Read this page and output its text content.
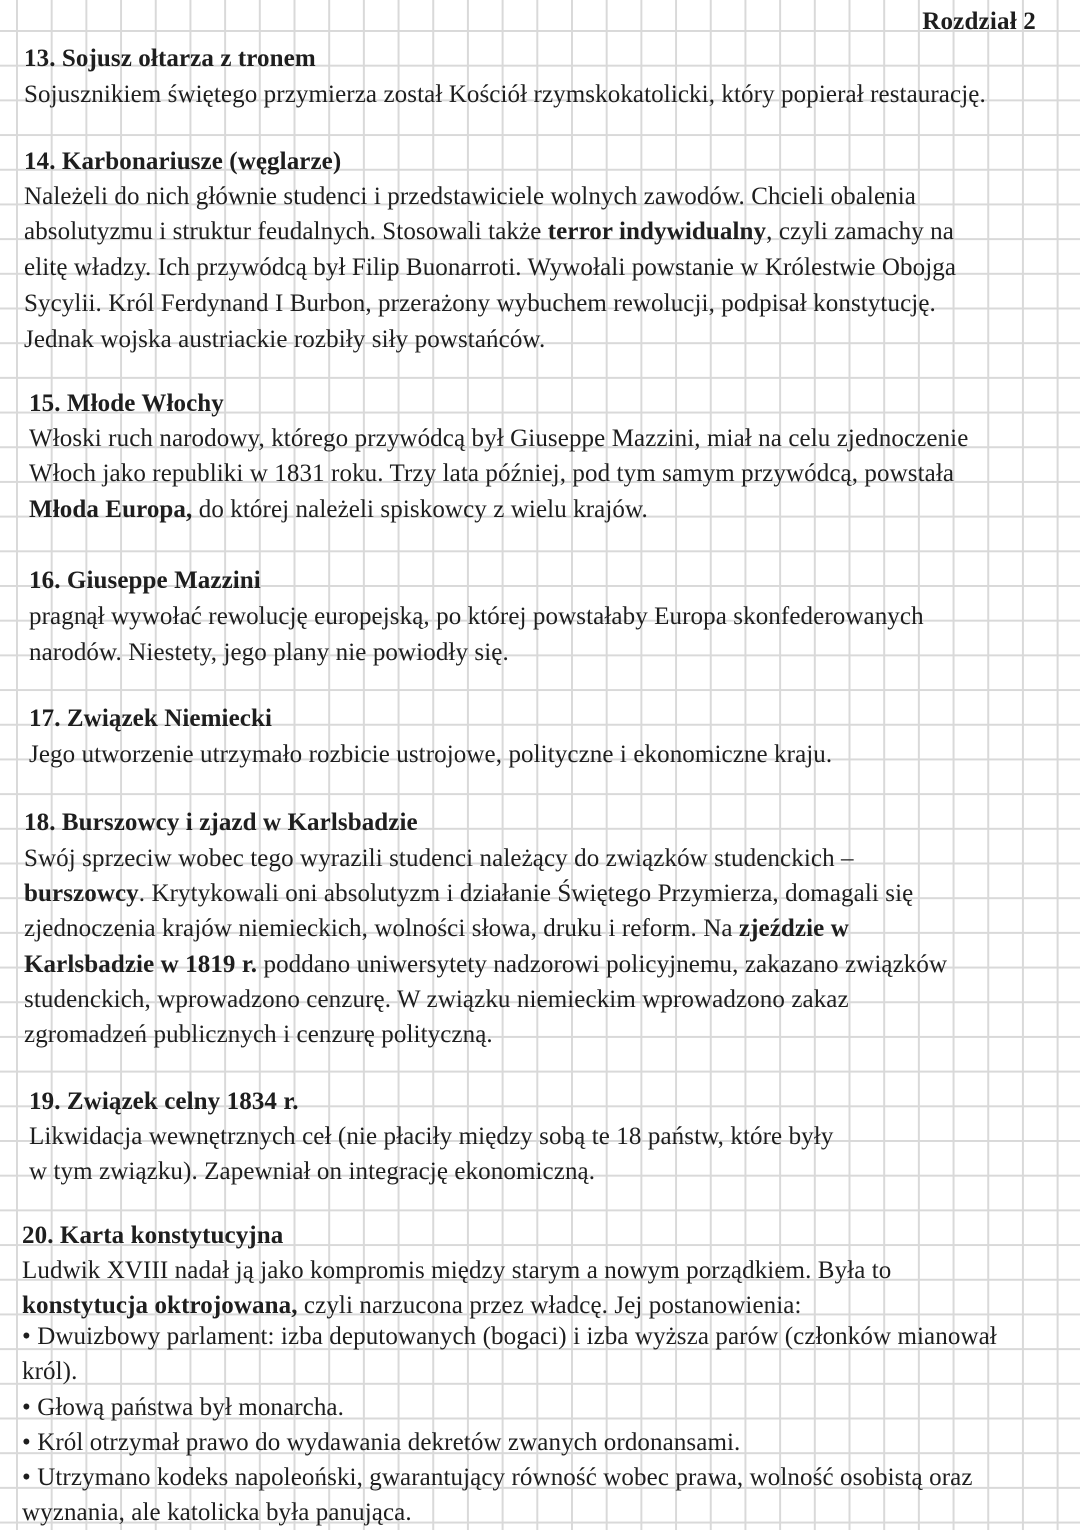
Rozdział 2
13. Sojusz ołtarza z tronem
Sojusznikiem świętego przymierza został Kościół rzymskokatolicki, który popierał restaurację.
14. Karbonariusze (węglarze)
Należeli do nich głównie studenci i przedstawiciele wolnych zawodów. Chcieli obalenia
absolutyzmu i struktur feudalnych. Stosowali także terror indywidualny, czyli zamachy na
elitę władzy. Ich przywódcą był Filip Buonarroti. Wywołali powstanie w Królestwie Obojga
Sycylii. Król Ferdynand I Burbon, przerażony wybuchem rewolucji, podpisał konstytucję.
Jednak wojska austriackie rozbiły siły powstańców.
15. Młode Włochy
Włoski ruch narodowy, którego przywódcą był Giuseppe Mazzini, miał na celu zjednoczenie
Włoch jako republiki w 1831 roku. Trzy lata później, pod tym samym przywódcą, powstała
Młoda Europa, do której należeli spiskowcy z wielu krajów.
16. Giuseppe Mazzini
pragnął wywołać rewolucję europejską, po której powstałaby Europa skonfederowanych
narodów. Niestety, jego plany nie powiodły się.
17. Związek Niemiecki
Jego utworzenie utrzymało rozbicie ustrojowe, polityczne i ekonomiczne kraju.
18. Burszowcy i zjazd w Karlsbadzie
Swój sprzeciw wobec tego wyrazili studenci należący do związków studenckich –
burszowcy. Krytykowali oni absolutyzm i działanie Świętego Przymierza, domagali się
zjednoczenia krajów niemieckich, wolności słowa, druku i reform. Na zjeździe w
Karlsbadzie w 1819 r. poddano uniwersytety nadzorowi policyjnemu, zakazano związków
studenckich, wprowadzono cenzurę. W związku niemieckim wprowadzono zakaz
zgromadzeń publicznych i cenzurę polityczną.
19. Związek celny 1834 r.
Likwidacja wewnętrznych ceł (nie płaciły między sobą te 18 państw, które były
w tym związku). Zapewniał on integrację ekonomiczną.
20. Karta konstytucyjna
Ludwik XVIII nadał ją jako kompromis między starym a nowym porządkiem. Była to
konstytucja oktrojowana, czyli narzucona przez władcę. Jej postanowienia:
• Dwuizbowy parlament: izba deputowanych (bogaci) i izba wyższa parów (członków mianował
król).
• Głową państwa był monarcha.
• Król otrzymał prawo do wydawania dekretów zwanych ordonansami.
• Utrzymano kodeks napoleoński, gwarantujący równość wobec prawa, wolność osobistą oraz
wyznania, ale katolicka była panująca.
